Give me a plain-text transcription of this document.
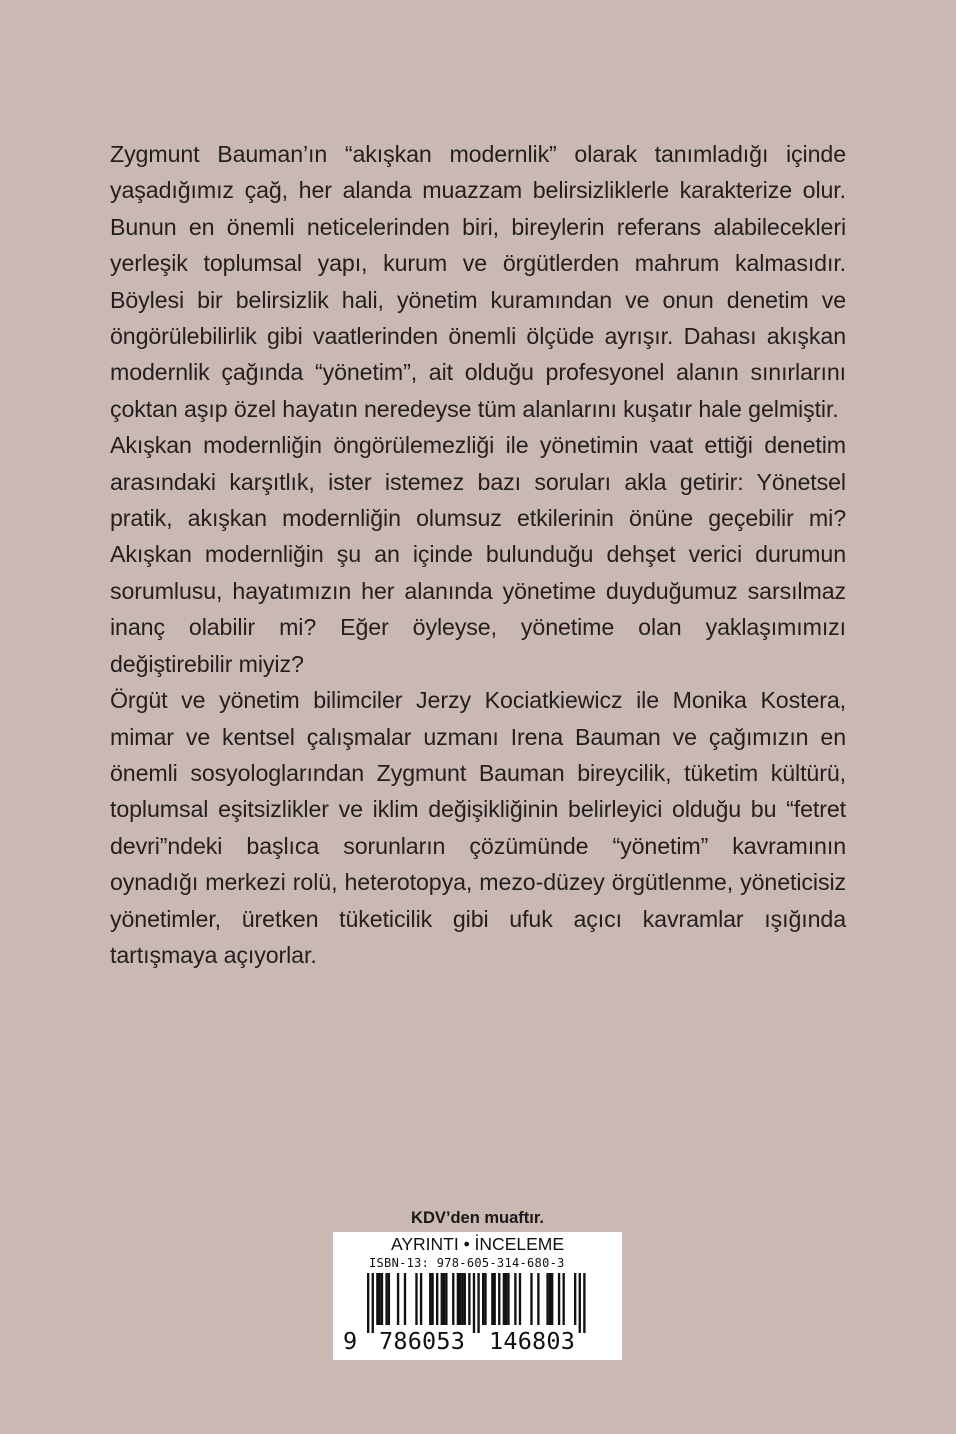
Zygmunt Bauman’ın “akışkan modernlik” olarak tanımladığı içinde yaşadığımız çağ, her alanda muazzam belirsizliklerle karakterize olur. Bunun en önemli neticelerinden biri, bireylerin referans alabilecekleri yerleşik toplumsal yapı, kurum ve örgütlerden mahrum kalmasıdır. Böylesi bir belirsizlik hali, yönetim kuramından ve onun denetim ve öngörülebilirlik gibi vaatlerinden önemli ölçüde ayrışır. Dahası akışkan modernlik çağında “yönetim”, ait olduğu profesyonel alanın sınırlarını çoktan aşıp özel hayatın neredeyse tüm alanlarını kuşatır hale gelmiştir.

Akışkan modernliğin öngörülemezliği ile yönetimin vaat ettiği denetim arasındaki karşıtlık, ister istemez bazı soruları akla getirir: Yönetsel pratik, akışkan modernliğin olumsuz etkilerinin önüne geçebilir mi? Akışkan modernliğin şu an içinde bulunduğu dehşet verici durumun sorumlusu, hayatımızın her alanında yönetime duyduğumuz sarsılmaz inanç olabilir mi? Eğer öyleyse, yönetime olan yaklaşımımızı değiştirebilir miyiz?

Örgüt ve yönetim bilimciler Jerzy Kociatkiewicz ile Monika Kostera, mimar ve kentsel çalışmalar uzmanı Irena Bauman ve çağımızın en önemli sosyologlarından Zygmunt Bauman bireycilik, tüketim kültürü, toplumsal eşitsizlikler ve iklim değişikliğinin belirleyici olduğu bu “fetret devri”ndeki başlıca sorunların çözümünde “yönetim” kavramının oynadığı merkezi rolü, heterotopya, mezo-düzey örgütlenme, yöneticisiz yönetimler, üretken tüketicilik gibi ufuk açıcı kavramlar ışığında tartışmaya açıyorlar.

KDV’den muaftır.
AYRINTI • İNCELEME
ISBN-13: 978-605-314-680-3
9 786053 146803
